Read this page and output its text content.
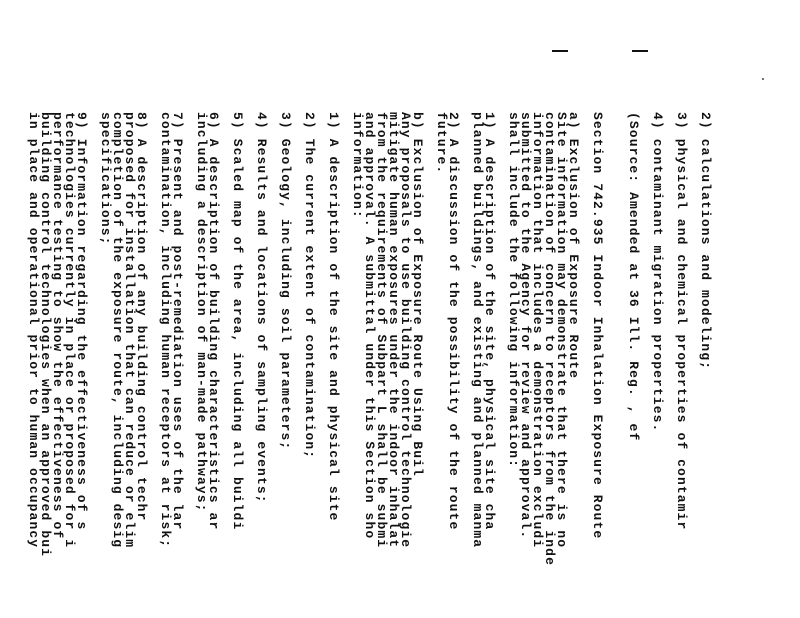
2) calculations and modeling;
3) physical and chemical properties of contamir
4) contaminant migration properties.
(Source: Amended at 36 Ill. Reg. , ef
Section 742.935 Indoor Inhalation Exposure Route
a) Exclusion of Exposure Route
Site information may demonstrate that there is no
contamination of concern to receptors from the inde
information that includes a demonstration excludi
submitted to the Agency for review and approval.
shall include the following information:
1) A description of the site, physical site cha
planned buildings, and existing and planned manma
2) A discussion of the possibility of the route
future.
b) Exclusion of Exposure Route Using Buil
Any proposals to use building control technologie
mitigate human exposures under the indoor inhalat
from the requirements of Subpart L shall be submi
and approval. A submittal under this Section sho
information:
1) A description of the site and physical site
2) The current extent of contamination;
3) Geology, including soil parameters;
4) Results and locations of sampling events;
5) Scaled map of the area, including all buildi
6) A description of building characteristics ar
including a description of man-made pathways;
7) Present and post-remediation uses of the lar
contamination, including human receptors at risk;
8) A description of any building control techr
proposed for installation that can reduce or elim
completion of the exposure route, including desig
specifications;
9) Information regarding the effectiveness of s
technologies currently in place or proposed for i
performance testing to show the effectiveness of
building control technologies when an approved bui
in place and operational prior to human occupancy
